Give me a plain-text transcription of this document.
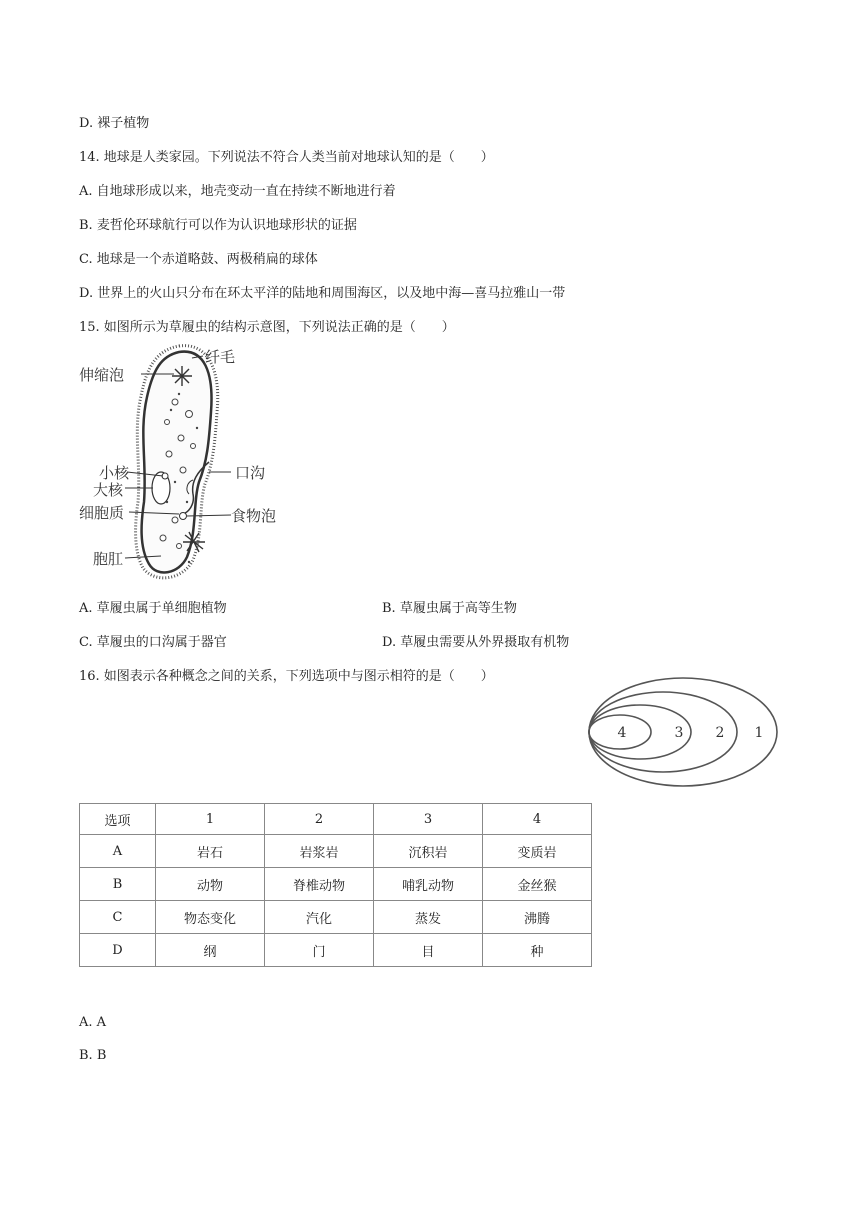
D. 裸子植物
14. 地球是人类家园。下列说法不符合人类当前对地球认知的是（　　）
A. 自地球形成以来，地壳变动一直在持续不断地进行着
B. 麦哲伦环球航行可以作为认识地球形状的证据
C. 地球是一个赤道略鼓、两极稍扁的球体
D. 世界上的火山只分布在环太平洋的陆地和周围海区，以及地中海—喜马拉雅山一带
15. 如图所示为草履虫的结构示意图，下列说法正确的是（　　）
纤毛
伸缩泡
小核
大核
细胞质
口沟
食物泡
胞肛
A. 草履虫属于单细胞植物	B. 草履虫属于高等生物
C. 草履虫的口沟属于器官	D. 草履虫需要从外界摄取有机物
16. 如图表示各种概念之间的关系，下列选项中与图示相符的是（　　）
1
2
3
4
选项	1	2	3	4
A	岩石	岩浆岩	沉积岩	变质岩
B	动物	脊椎动物	哺乳动物	金丝猴
C	物态变化	汽化	蒸发	沸腾
D	纲	门	目	种
A. A
B. B
